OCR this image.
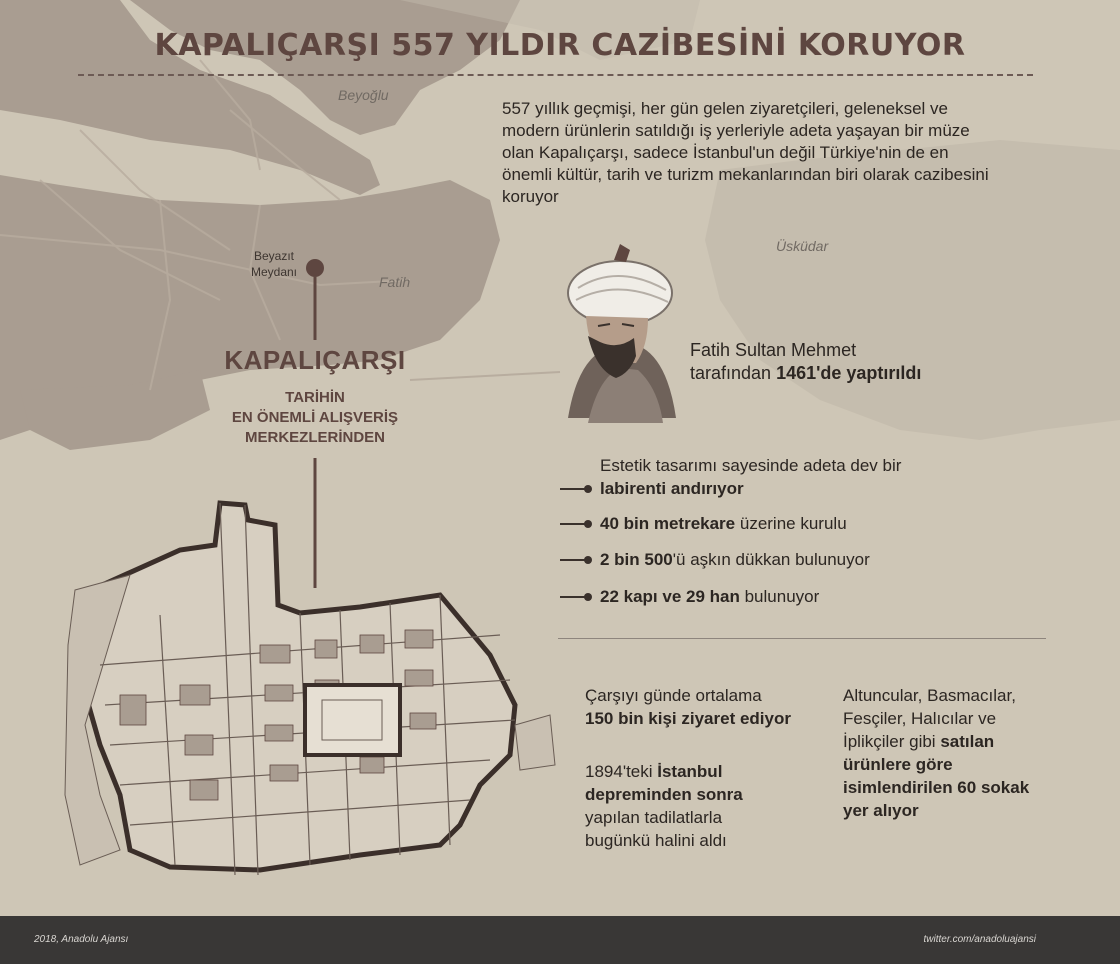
KAPALIÇARŞI 557 YILDIR CAZİBESİNİ KORUYOR
Beyoğlu
Üsküdar
Fatih
Beyazıt Meydanı

557 yıllık geçmişi, her gün gelen ziyaretçileri, geleneksel ve modern ürünlerin satıldığı iş yerleriyle adeta yaşayan bir müze olan Kapalıçarşı, sadece İstanbul'un değil Türkiye'nin de en önemli kültür, tarih ve turizm mekanlarından biri olarak cazibesini koruyor

KAPALIÇARŞI
TARİHİN
EN ÖNEMLİ ALIŞVERİŞ
MERKEZLERİNDEN
Fatih Sultan Mehmet
tarafından 1461'de yaptırıldı
Estetik tasarımı sayesinde adeta dev bir
labirenti andırıyor
40 bin metrekare üzerine kurulu
2 bin 500'ü aşkın dükkan bulunuyor
22 kapı ve 29 han bulunuyor
Çarşıyı günde ortalama
150 bin kişi ziyaret ediyor
1894'teki İstanbul
depreminden sonra
yapılan tadilatlarla
bugünkü halini aldı
Altuncular, Basmacılar,
Fesçiler, Halıcılar ve
İplikçiler gibi satılan
ürünlere göre
isimlendirilen 60 sokak
yer alıyor
2018, Anadolu Ajansı	twitter.com/anadoluajansi
